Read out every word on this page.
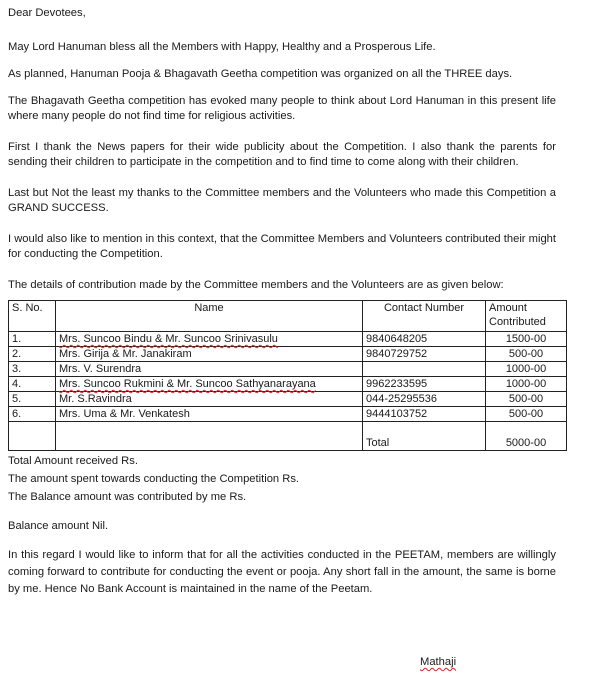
Dear Devotees,

May Lord Hanuman bless all the Members with Happy, Healthy and a Prosperous Life.

As planned, Hanuman Pooja & Bhagavath Geetha competition was organized on all the THREE days.

The Bhagavath Geetha competition has evoked many people to think about Lord Hanuman in this present life where many people do not find time for religious activities.

First I thank the News papers for their wide publicity about the Competition. I also thank the parents for sending their children to participate in the competition and to find time to come along with their children.

Last but Not the least my thanks to the Committee members and the Volunteers who made this Competition a GRAND SUCCESS.

I would also like to mention in this context, that the Committee Members and Volunteers contributed their might for conducting the Competition.

The details of contribution made by the Committee members and the Volunteers are as given below:

S. No.	Name	Contact Number	Amount Contributed
1.	Mrs. Suncoo Bindu & Mr. Suncoo Srinivasulu	9840648205	1500-00
2.	Mrs. Girija & Mr. Janakiram	9840729752	500-00
3.	Mrs. V. Surendra		1000-00
4.	Mrs. Suncoo Rukmini & Mr. Suncoo Sathyanarayana	9962233595	1000-00
5.	Mr. S.Ravindra	044-25295536	500-00
6.	Mrs. Uma & Mr. Venkatesh	9444103752	500-00
		Total	5000-00

Total Amount received Rs.

The amount spent towards conducting the Competition Rs.

The Balance amount was contributed by me Rs.

Balance amount Nil.

In this regard I would like to inform that for all the activities conducted in the PEETAM, members are willingly coming forward to contribute for conducting the event or pooja. Any short fall in the amount, the same is borne by me. Hence No Bank Account is maintained in the name of the Peetam.

Mathaji
